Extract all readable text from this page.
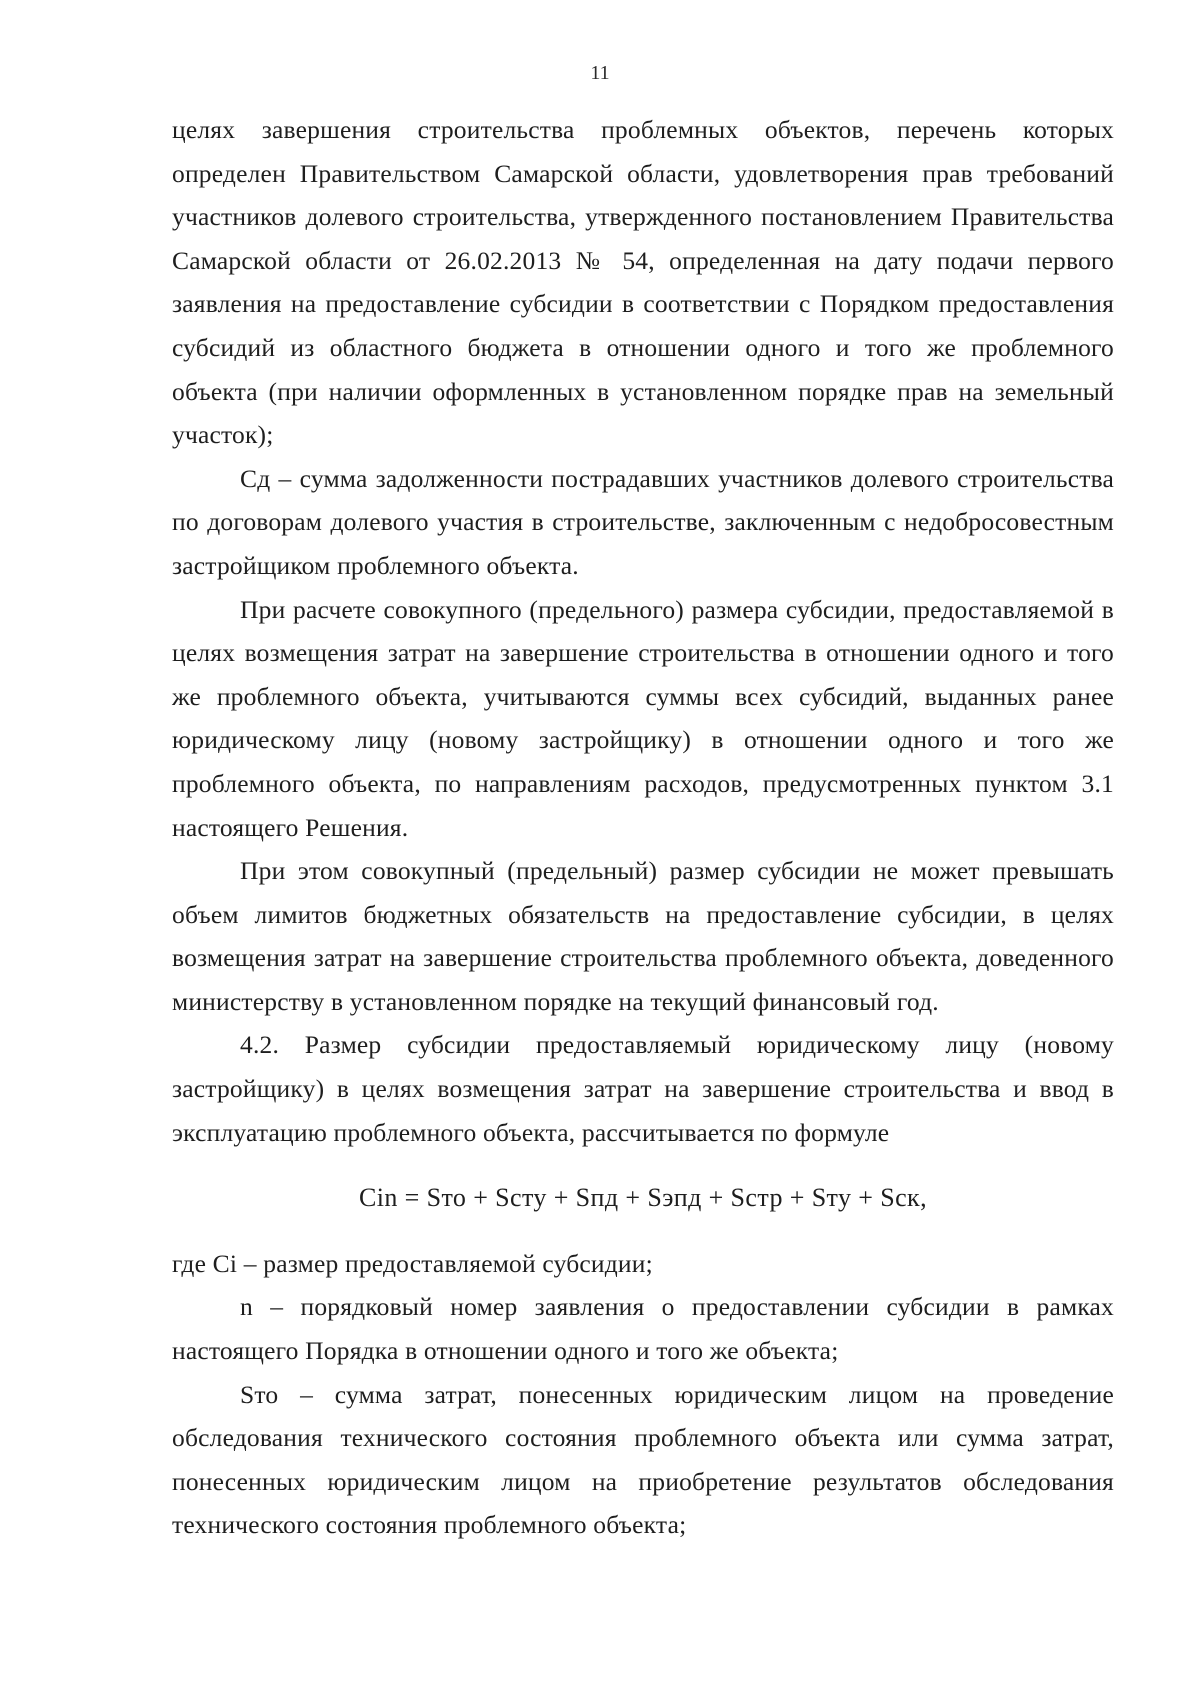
11

целях завершения строительства проблемных объектов, перечень которых определен Правительством Самарской области, удовлетворения прав требований участников долевого строительства, утвержденного постановлением Правительства Самарской области от 26.02.2013 № 54, определенная на дату подачи первого заявления на предоставление субсидии в соответствии с Порядком предоставления субсидий из областного бюджета в отношении одного и того же проблемного объекта (при наличии оформленных в установленном порядке прав на земельный участок);

Сд – сумма задолженности пострадавших участников долевого строительства по договорам долевого участия в строительстве, заключенным с недобросовестным застройщиком проблемного объекта.

При расчете совокупного (предельного) размера субсидии, предоставляемой в целях возмещения затрат на завершение строительства в отношении одного и того же проблемного объекта, учитываются суммы всех субсидий, выданных ранее юридическому лицу (новому застройщику) в отношении одного и того же проблемного объекта, по направлениям расходов, предусмотренных пунктом 3.1 настоящего Решения.

При этом совокупный (предельный) размер субсидии не может превышать объем лимитов бюджетных обязательств на предоставление субсидии, в целях возмещения затрат на завершение строительства проблемного объекта, доведенного министерству в установленном порядке на текущий финансовый год.

4.2. Размер субсидии предоставляемый юридическому лицу (новому застройщику) в целях возмещения затрат на завершение строительства и ввод в эксплуатацию проблемного объекта, рассчитывается по формуле

Cin = Sто + Sсту + Sпд + Sэпд + Sстр + Sту + Sск,

где Ci – размер предоставляемой субсидии;

n – порядковый номер заявления о предоставлении субсидии в рамках настоящего Порядка в отношении одного и того же объекта;

Sто – сумма затрат, понесенных юридическим лицом на проведение обследования технического состояния проблемного объекта или сумма затрат, понесенных юридическим лицом на приобретение результатов обследования технического состояния проблемного объекта;
